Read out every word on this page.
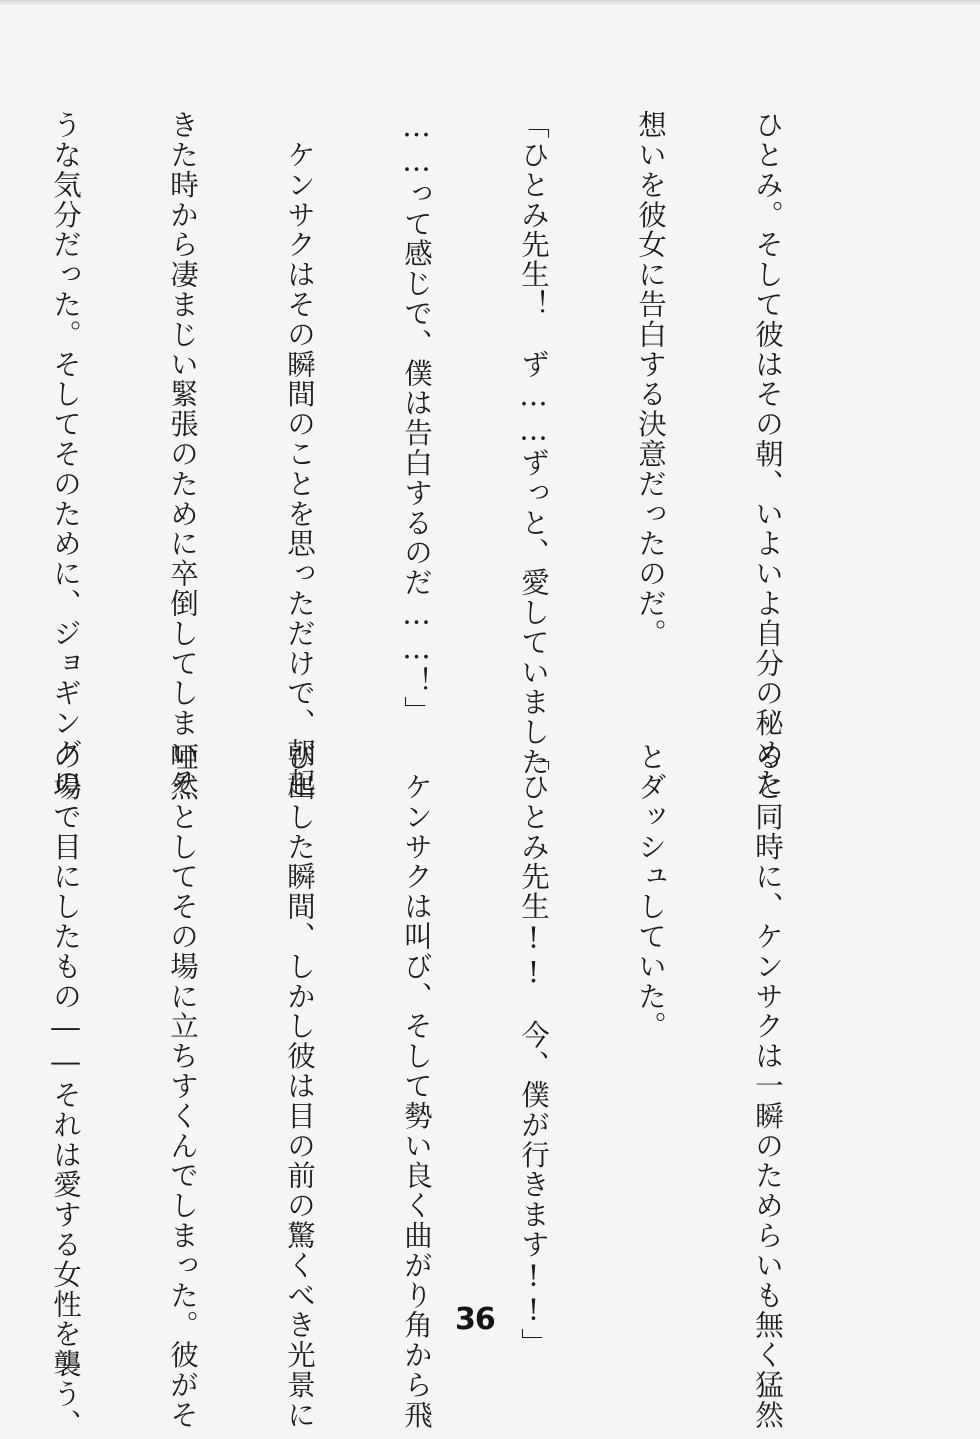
ひとみ。そして彼はその朝、いよいよ自分の秘めた

想いを彼女に告白する決意だったのだ。

「ひとみ先生！　ず……ずっと、愛していました

……って感じで、僕は告白するのだ……！」

　ケンサクはその瞬間のことを思っただけで、朝起

きた時から凄まじい緊張のために卒倒してしまいそ

うな気分だった。そしてそのために、ジョギングの

ると同時に、ケンサクは一瞬のためらいも無く猛然

とダッシュしていた。

「ひとみ先生!!　今、僕が行きます!!」

　ケンサクは叫び、そして勢い良く曲がり角から飛

び出した瞬間、しかし彼は目の前の驚くべき光景に

唖然としてその場に立ちすくんでしまった。彼がそ

の場で目にしたもの――それは愛する女性を襲う、

	36
